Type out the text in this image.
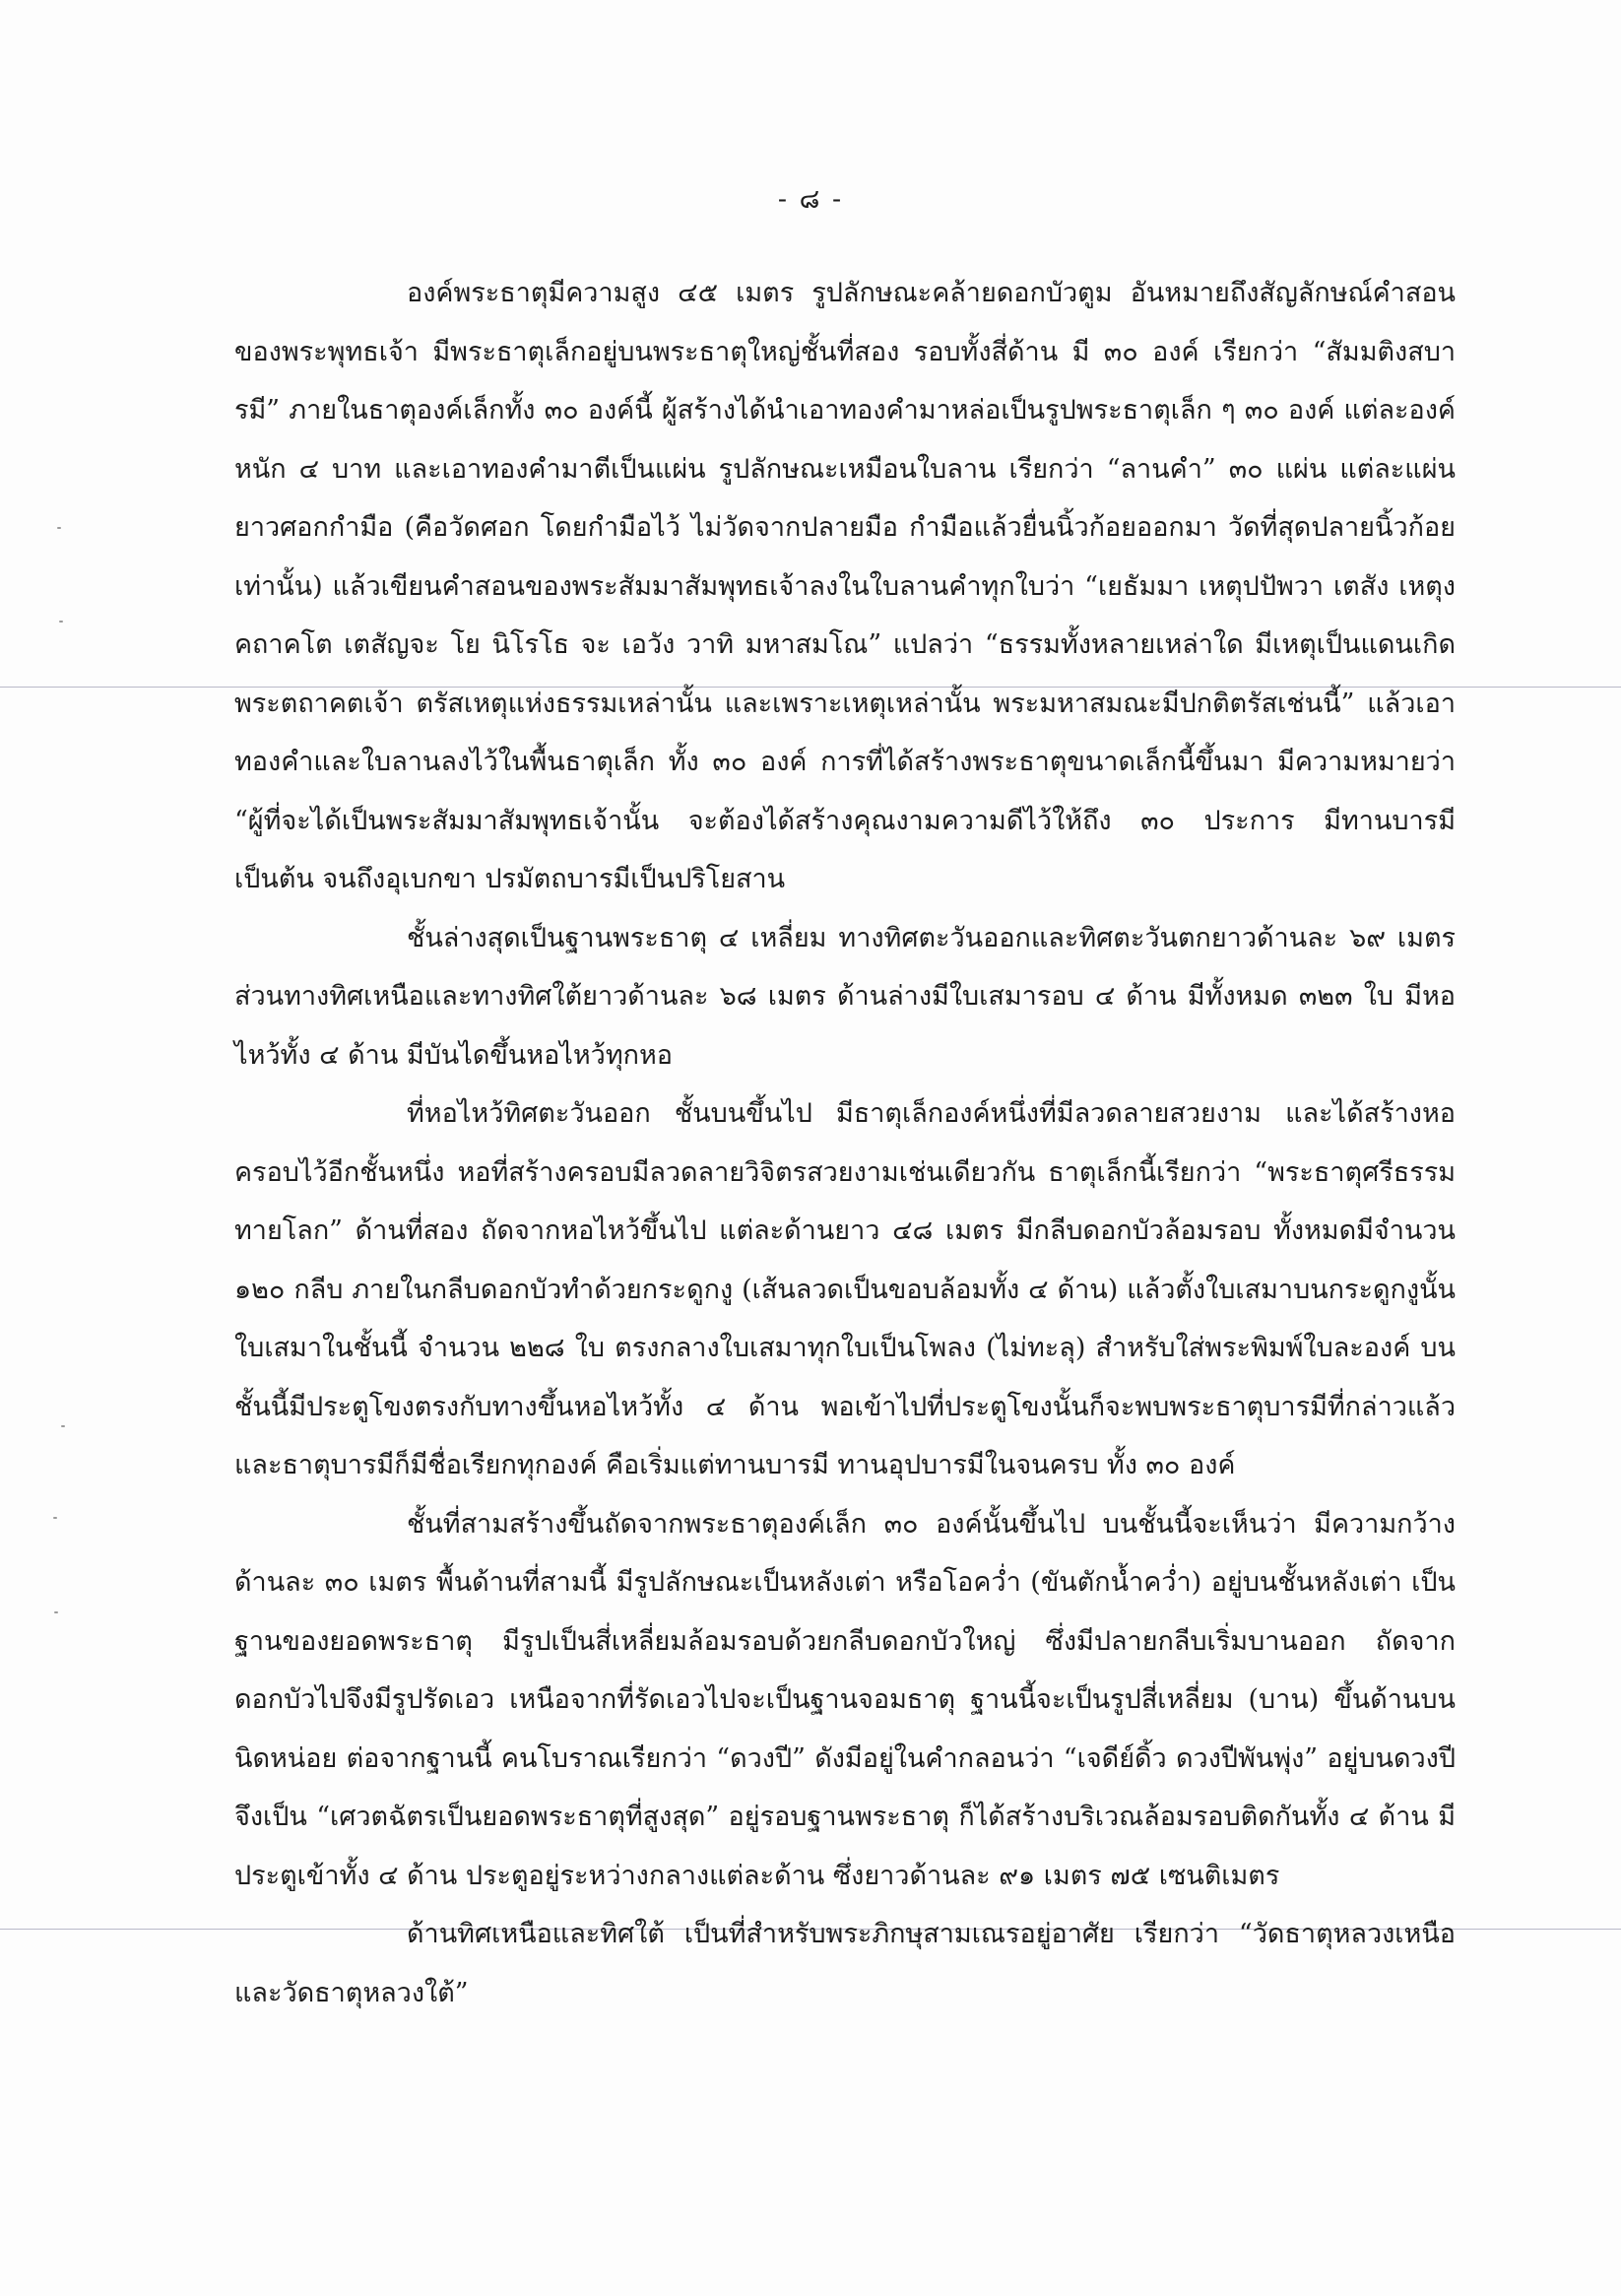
- ๘ -

องค์พระธาตุมีความสูง ๔๕ เมตร รูปลักษณะคล้ายดอกบัวตูม อันหมายถึงสัญลักษณ์คำสอนของพระพุทธเจ้า มีพระธาตุเล็กอยู่บนพระธาตุใหญ่ชั้นที่สอง รอบทั้งสี่ด้าน มี ๓๐ องค์ เรียกว่า “สัมมติงสบารมี” ภายในธาตุองค์เล็กทั้ง ๓๐ องค์นี้ ผู้สร้างได้นำเอาทองคำมาหล่อเป็นรูปพระธาตุเล็ก ๆ ๓๐ องค์ แต่ละองค์หนัก ๔ บาท และเอาทองคำมาตีเป็นแผ่น รูปลักษณะเหมือนใบลาน เรียกว่า “ลานคำ” ๓๐ แผ่น แต่ละแผ่นยาวศอกกำมือ (คือวัดศอก โดยกำมือไว้ ไม่วัดจากปลายมือ กำมือแล้วยื่นนิ้วก้อยออกมา วัดที่สุดปลายนิ้วก้อยเท่านั้น) แล้วเขียนคำสอนของพระสัมมาสัมพุทธเจ้าลงในใบลานคำทุกใบว่า “เยธัมมา เหตุปปัพวา เตสัง เหตุงคถาคโต เตสัญจะ โย นิโรโธ จะ เอวัง วาทิ มหาสมโณ” แปลว่า “ธรรมทั้งหลายเหล่าใด มีเหตุเป็นแดนเกิด พระตถาคตเจ้า ตรัสเหตุแห่งธรรมเหล่านั้น และเพราะเหตุเหล่านั้น พระมหาสมณะมีปกติตรัสเช่นนี้” แล้วเอาทองคำและใบลานลงไว้ในพื้นธาตุเล็ก ทั้ง ๓๐ องค์ การที่ได้สร้างพระธาตุขนาดเล็กนี้ขึ้นมา มีความหมายว่า “ผู้ที่จะได้เป็นพระสัมมาสัมพุทธเจ้านั้น จะต้องได้สร้างคุณงามความดีไว้ให้ถึง ๓๐ ประการ มีทานบารมี เป็นต้น จนถึงอุเบกขา ปรมัตถบารมีเป็นปริโยสาน

ชั้นล่างสุดเป็นฐานพระธาตุ ๔ เหลี่ยม ทางทิศตะวันออกและทิศตะวันตกยาวด้านละ ๖๙ เมตร ส่วนทางทิศเหนือและทางทิศใต้ยาวด้านละ ๖๘ เมตร ด้านล่างมีใบเสมารอบ ๔ ด้าน มีทั้งหมด ๓๒๓ ใบ มีหอไหว้ทั้ง ๔ ด้าน มีบันไดขึ้นหอไหว้ทุกหอ

ที่หอไหว้ทิศตะวันออก ชั้นบนขึ้นไป มีธาตุเล็กองค์หนึ่งที่มีลวดลายสวยงาม และได้สร้างหอครอบไว้อีกชั้นหนึ่ง หอที่สร้างครอบมีลวดลายวิจิตรสวยงามเช่นเดียวกัน ธาตุเล็กนี้เรียกว่า “พระธาตุศรีธรรมทายโลก” ด้านที่สอง ถัดจากหอไหว้ขึ้นไป แต่ละด้านยาว ๔๘ เมตร มีกลีบดอกบัวล้อมรอบ ทั้งหมดมีจำนวน ๑๒๐ กลีบ ภายในกลีบดอกบัวทำด้วยกระดูกงู (เส้นลวดเป็นขอบล้อมทั้ง ๔ ด้าน) แล้วตั้งใบเสมาบนกระดูกงูนั้น ใบเสมาในชั้นนี้ จำนวน ๒๒๘ ใบ ตรงกลางใบเสมาทุกใบเป็นโพลง (ไม่ทะลุ) สำหรับใส่พระพิมพ์ใบละองค์ บนชั้นนี้มีประตูโขงตรงกับทางขึ้นหอไหว้ทั้ง ๔ ด้าน พอเข้าไปที่ประตูโขงนั้นก็จะพบพระธาตุบารมีที่กล่าวแล้ว และธาตุบารมีก็มีชื่อเรียกทุกองค์ คือเริ่มแต่ทานบารมี ทานอุปบารมีในจนครบ ทั้ง ๓๐ องค์

ชั้นที่สามสร้างขึ้นถัดจากพระธาตุองค์เล็ก ๓๐ องค์นั้นขึ้นไป บนชั้นนี้จะเห็นว่า มีความกว้างด้านละ ๓๐ เมตร พื้นด้านที่สามนี้ มีรูปลักษณะเป็นหลังเต่า หรือโอคว่ำ (ขันตักน้ำคว่ำ) อยู่บนชั้นหลังเต่า เป็นฐานของยอดพระธาตุ มีรูปเป็นสี่เหลี่ยมล้อมรอบด้วยกลีบดอกบัวใหญ่ ซึ่งมีปลายกลีบเริ่มบานออก ถัดจากดอกบัวไปจึงมีรูปรัดเอว เหนือจากที่รัดเอวไปจะเป็นฐานจอมธาตุ ฐานนี้จะเป็นรูปสี่เหลี่ยม (บาน) ขึ้นด้านบนนิดหน่อย ต่อจากฐานนี้ คนโบราณเรียกว่า “ดวงปี” ดังมีอยู่ในคำกลอนว่า “เจดีย์ดิ้ว ดวงปีพันพุ่ง” อยู่บนดวงปี จึงเป็น “เศวตฉัตรเป็นยอดพระธาตุที่สูงสุด” อยู่รอบฐานพระธาตุ ก็ได้สร้างบริเวณล้อมรอบติดกันทั้ง ๔ ด้าน มีประตูเข้าทั้ง ๔ ด้าน ประตูอยู่ระหว่างกลางแต่ละด้าน ซึ่งยาวด้านละ ๙๑ เมตร ๗๕ เซนติเมตร

ด้านทิศเหนือและทิศใต้ เป็นที่สำหรับพระภิกษุสามเณรอยู่อาศัย เรียกว่า “วัดธาตุหลวงเหนือและวัดธาตุหลวงใต้”
